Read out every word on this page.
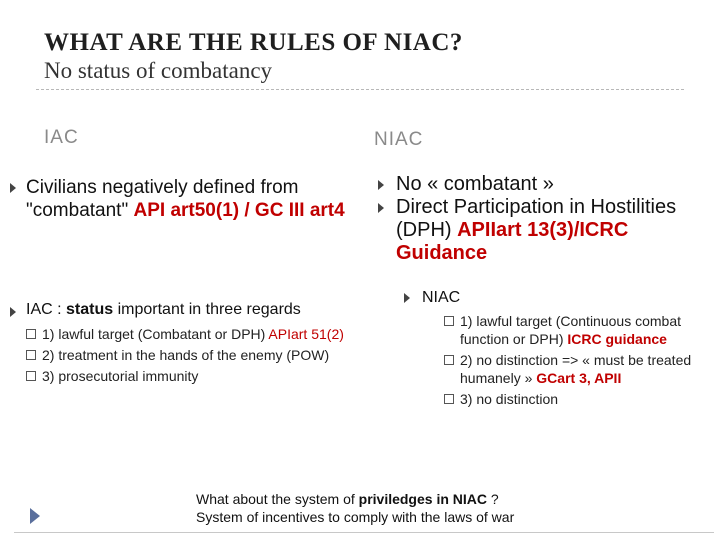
WHAT ARE THE RULES OF NIAC?
No status of combatancy
IAC	NIAC
Civilians negatively defined from "combatant" API art50(1) / GC III art4
IAC : status important in three regards
1) lawful target (Combatant or DPH) APIart 51(2)
2) treatment in the hands of the enemy (POW)
3) prosecutorial immunity
No « combatant »
Direct Participation in Hostilities (DPH) APIIart 13(3)/ICRC Guidance
NIAC
1) lawful target (Continuous combat function or DPH) ICRC guidance
2) no distinction => « must be treated humanely » GCart 3, APII
3) no distinction
What about the system of priviledges in NIAC ?
System of incentives to comply with the laws of war
